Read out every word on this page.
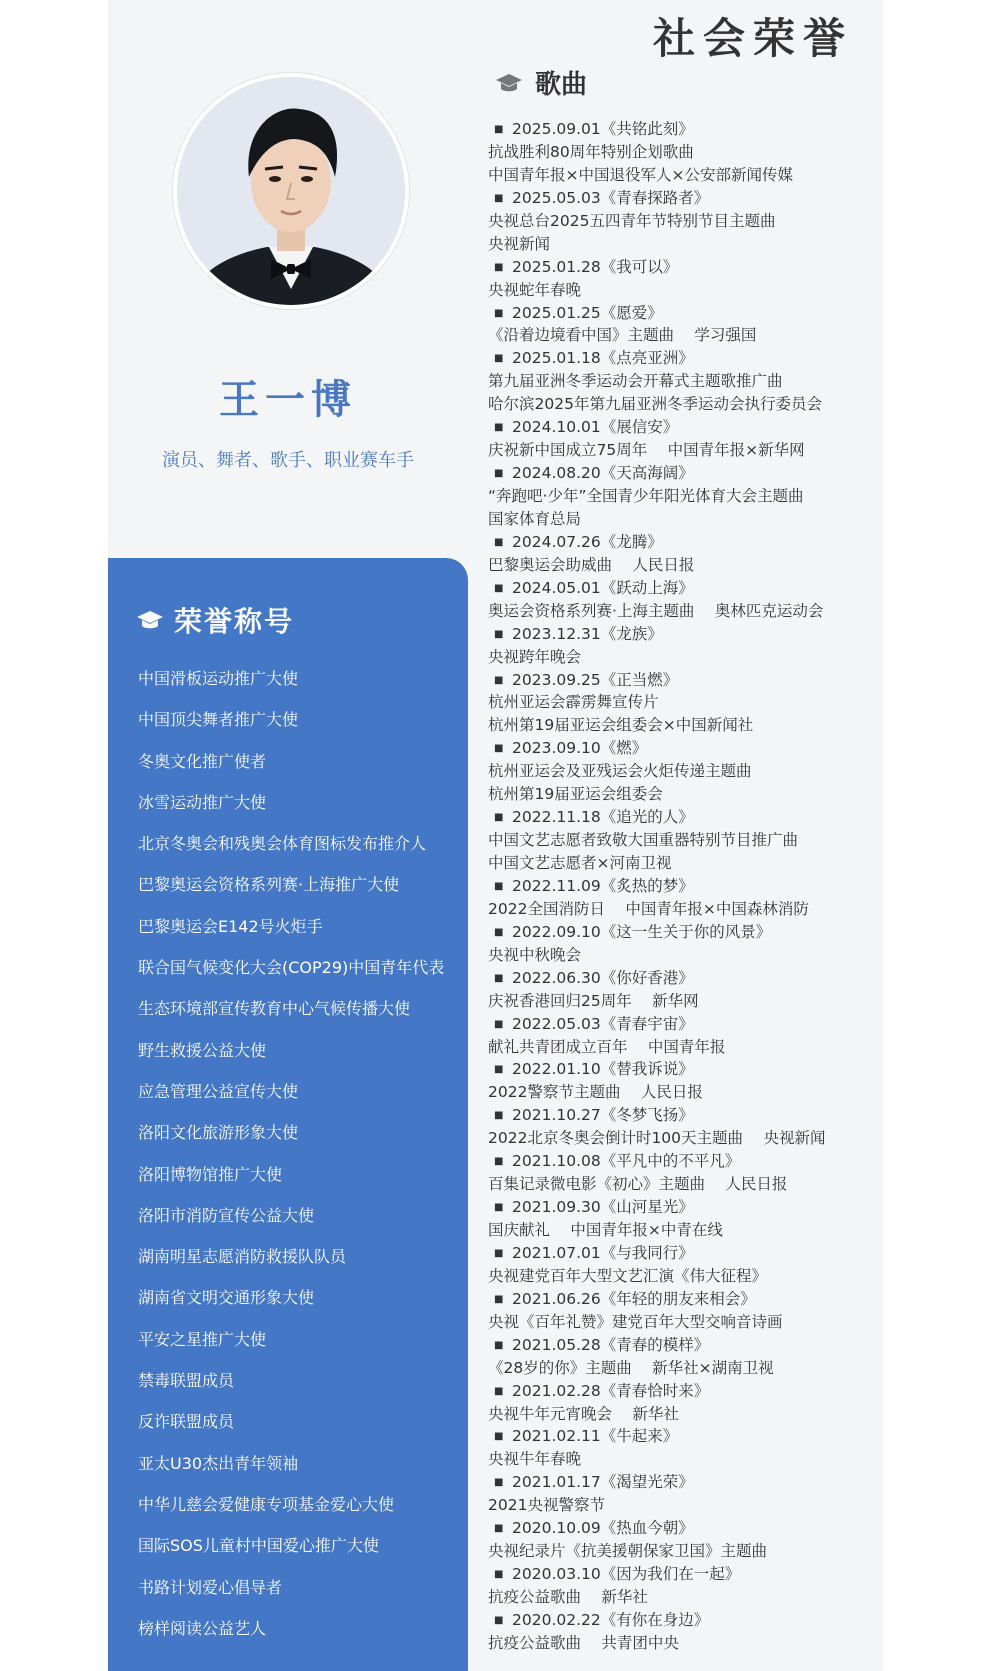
社会荣誉
王一博

演员、舞者、歌手、职业赛车手

荣誉称号
中国滑板运动推广大使
中国顶尖舞者推广大使
冬奥文化推广使者
冰雪运动推广大使
北京冬奥会和残奥会体育图标发布推介人
巴黎奥运会资格系列赛·上海推广大使
巴黎奥运会E142号火炬手
联合国气候变化大会(COP29)中国青年代表
生态环境部宣传教育中心气候传播大使
野生救援公益大使
应急管理公益宣传大使
洛阳文化旅游形象大使
洛阳博物馆推广大使
洛阳市消防宣传公益大使
湖南明星志愿消防救援队队员
湖南省文明交通形象大使
平安之星推广大使
禁毒联盟成员
反诈联盟成员
亚太U30杰出青年领袖
中华儿慈会爱健康专项基金爱心大使
国际SOS儿童村中国爱心推广大使
书路计划爱心倡导者
榜样阅读公益艺人
歌曲
■ 2025.09.01《共铭此刻》
抗战胜利80周年特别企划歌曲
中国青年报×中国退役军人×公安部新闻传媒
■ 2025.05.03《青春探路者》
央视总台2025五四青年节特别节目主题曲
央视新闻
■ 2025.01.28《我可以》
央视蛇年春晚
■ 2025.01.25《愿爱》
《沿着边境看中国》主题曲　 学习强国
■ 2025.01.18《点亮亚洲》
第九届亚洲冬季运动会开幕式主题歌推广曲
哈尔滨2025年第九届亚洲冬季运动会执行委员会
■ 2024.10.01《展信安》
庆祝新中国成立75周年　 中国青年报×新华网
■ 2024.08.20《天高海阔》
“奔跑吧·少年”全国青少年阳光体育大会主题曲
国家体育总局
■ 2024.07.26《龙腾》
巴黎奥运会助威曲　 人民日报
■ 2024.05.01《跃动上海》
奥运会资格系列赛·上海主题曲　 奥林匹克运动会
■ 2023.12.31《龙族》
央视跨年晚会
■ 2023.09.25《正当燃》
杭州亚运会霹雳舞宣传片
杭州第19届亚运会组委会×中国新闻社
■ 2023.09.10《燃》
杭州亚运会及亚残运会火炬传递主题曲
杭州第19届亚运会组委会
■ 2022.11.18《追光的人》
中国文艺志愿者致敬大国重器特别节目推广曲
中国文艺志愿者×河南卫视
■ 2022.11.09《炙热的梦》
2022全国消防日　 中国青年报×中国森林消防
■ 2022.09.10《这一生关于你的风景》
央视中秋晚会
■ 2022.06.30《你好香港》
庆祝香港回归25周年　 新华网
■ 2022.05.03《青春宇宙》
献礼共青团成立百年　 中国青年报
■ 2022.01.10《替我诉说》
2022警察节主题曲　 人民日报
■ 2021.10.27《冬梦飞扬》
2022北京冬奥会倒计时100天主题曲　 央视新闻
■ 2021.10.08《平凡中的不平凡》
百集记录微电影《初心》主题曲　 人民日报
■ 2021.09.30《山河星光》
国庆献礼　 中国青年报×中青在线
■ 2021.07.01《与我同行》
央视建党百年大型文艺汇演《伟大征程》
■ 2021.06.26《年轻的朋友来相会》
央视《百年礼赞》建党百年大型交响音诗画
■ 2021.05.28《青春的模样》
《28岁的你》主题曲　 新华社×湖南卫视
■ 2021.02.28《青春恰时来》
央视牛年元宵晚会　 新华社
■ 2021.02.11《牛起来》
央视牛年春晚
■ 2021.01.17《渴望光荣》
2021央视警察节
■ 2020.10.09《热血今朝》
央视纪录片《抗美援朝保家卫国》主题曲
■ 2020.03.10《因为我们在一起》
抗疫公益歌曲　 新华社
■ 2020.02.22《有你在身边》
抗疫公益歌曲　 共青团中央
